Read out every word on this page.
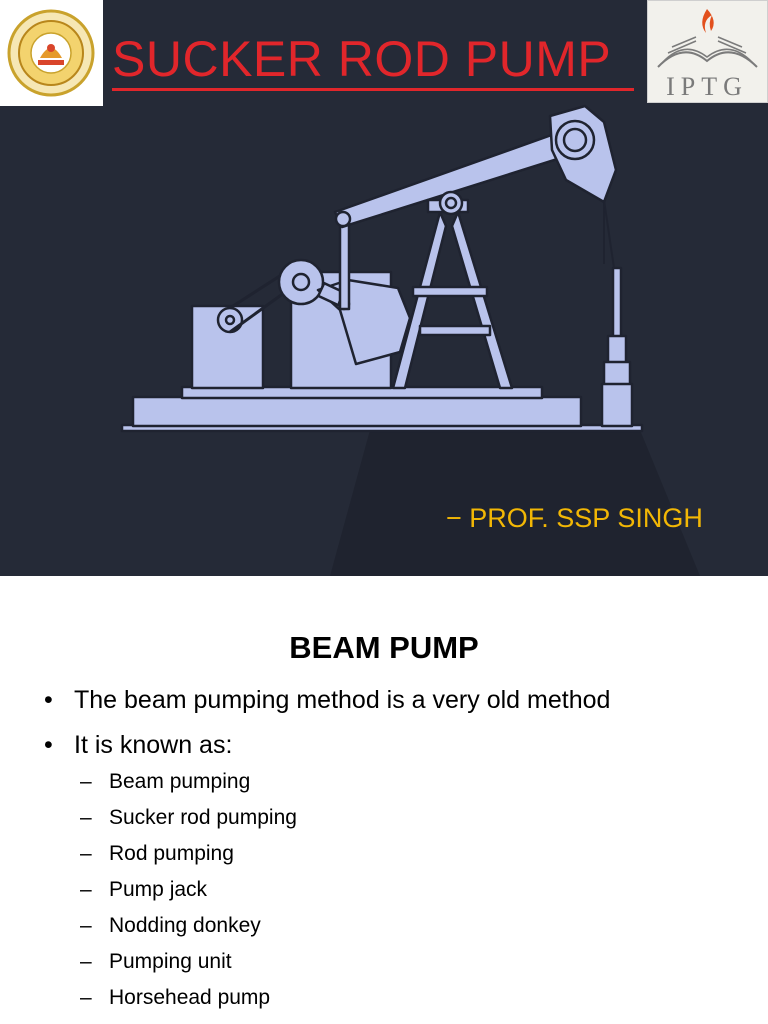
IPTG
SUCKER ROD PUMP
− PROF. SSP SINGH
BEAM PUMP
• The beam pumping method is a very old method
• It is known as:
– Beam pumping
– Sucker rod pumping
– Rod pumping
– Pump jack
– Nodding donkey
– Pumping unit
– Horsehead pump
